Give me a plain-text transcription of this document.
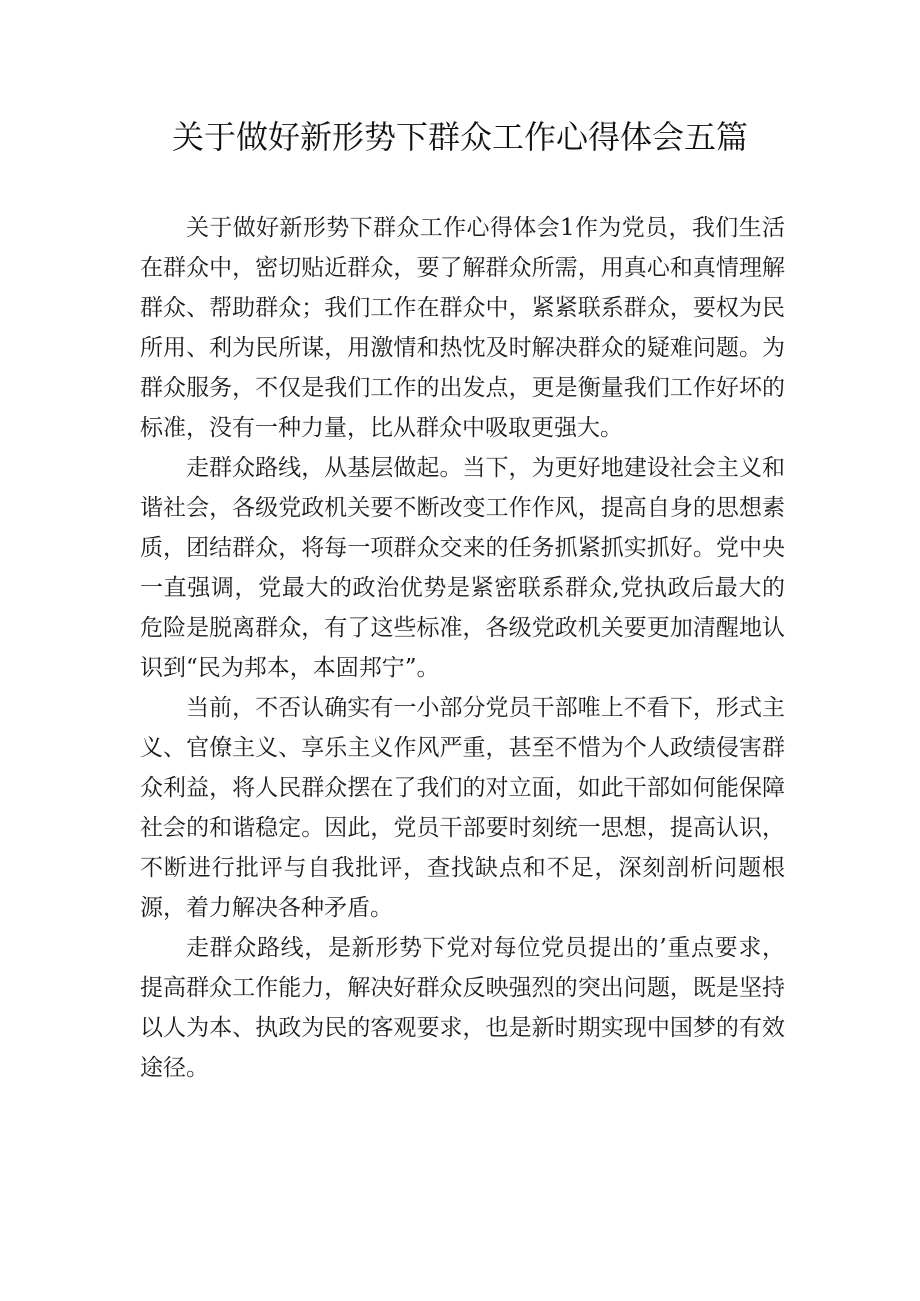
关于做好新形势下群众工作心得体会五篇

关于做好新形势下群众工作心得体会1作为党员，我们生活在群众中，密切贴近群众，要了解群众所需，用真心和真情理解群众、帮助群众；我们工作在群众中，紧紧联系群众，要权为民所用、利为民所谋，用激情和热忱及时解决群众的疑难问题。为群众服务，不仅是我们工作的出发点，更是衡量我们工作好坏的标准，没有一种力量，比从群众中吸取更强大。

走群众路线，从基层做起。当下，为更好地建设社会主义和谐社会，各级党政机关要不断改变工作作风，提高自身的思想素质，团结群众，将每一项群众交来的任务抓紧抓实抓好。党中央一直强调，党最大的政治优势是紧密联系群众,党执政后最大的危险是脱离群众，有了这些标准，各级党政机关要更加清醒地认识到“民为邦本，本固邦宁”。

当前，不否认确实有一小部分党员干部唯上不看下，形式主义、官僚主义、享乐主义作风严重，甚至不惜为个人政绩侵害群众利益，将人民群众摆在了我们的对立面，如此干部如何能保障社会的和谐稳定。因此，党员干部要时刻统一思想，提高认识，不断进行批评与自我批评，查找缺点和不足，深刻剖析问题根源，着力解决各种矛盾。

走群众路线，是新形势下党对每位党员提出的’重点要求，提高群众工作能力，解决好群众反映强烈的突出问题，既是坚持以人为本、执政为民的客观要求，也是新时期实现中国梦的有效途径。
